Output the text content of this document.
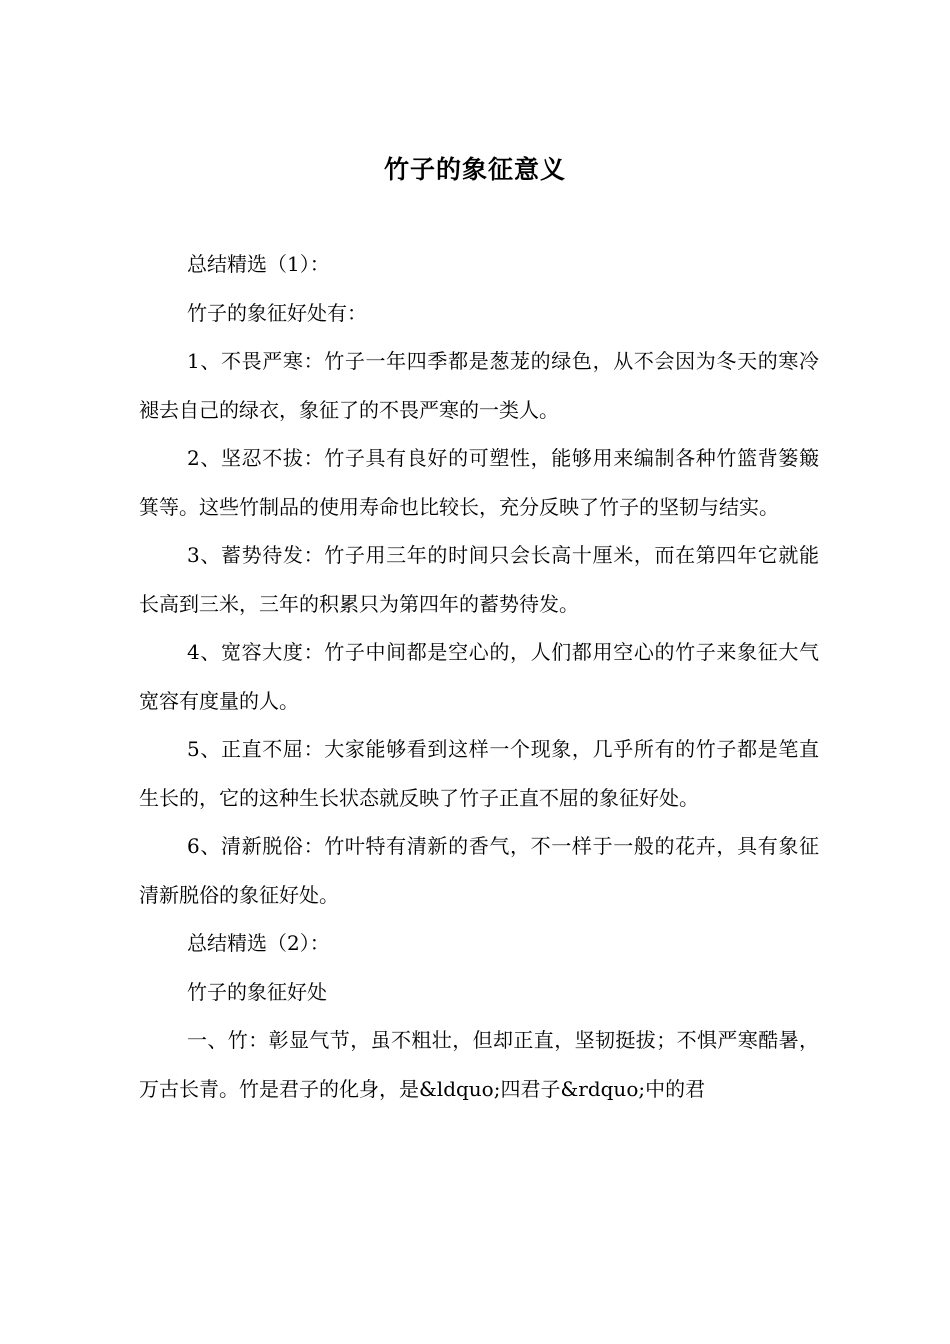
竹子的象征意义

总结精选（1）：

竹子的象征好处有：

1、不畏严寒：竹子一年四季都是葱茏的绿色，从不会因为冬天的寒冷褪去自己的绿衣，象征了的不畏严寒的一类人。

2、坚忍不拔：竹子具有良好的可塑性，能够用来编制各种竹篮背篓簸箕等。这些竹制品的使用寿命也比较长，充分反映了竹子的坚韧与结实。

3、蓄势待发：竹子用三年的时间只会长高十厘米，而在第四年它就能长高到三米，三年的积累只为第四年的蓄势待发。

4、宽容大度：竹子中间都是空心的，人们都用空心的竹子来象征大气宽容有度量的人。

5、正直不屈：大家能够看到这样一个现象，几乎所有的竹子都是笔直生长的，它的这种生长状态就反映了竹子正直不屈的象征好处。

6、清新脱俗：竹叶特有清新的香气，不一样于一般的花卉，具有象征清新脱俗的象征好处。

总结精选（2）：

竹子的象征好处

一、竹：彰显气节，虽不粗壮，但却正直，坚韧挺拔；不惧严寒酷暑，万古长青。竹是君子的化身，是&ldquo;四君子&rdquo;中的君
